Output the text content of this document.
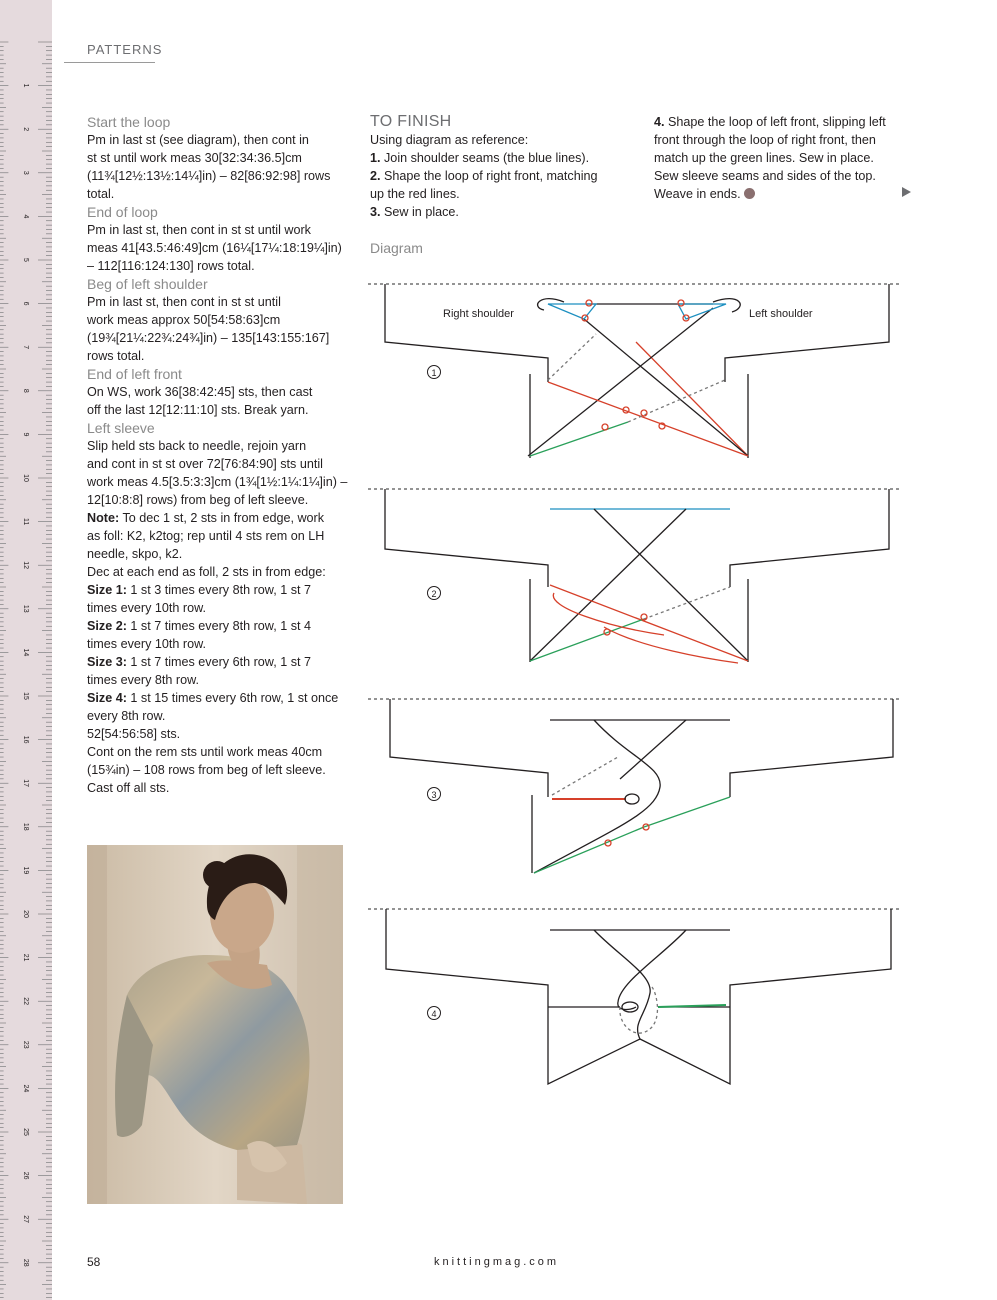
1
2
3
4
5
6
7
8
9
10
11
12
13
14
15
16
17
18
19
20
21
22
23
24
25
26
27
28
PATTERNS

Start the loop

Pm in last st (see diagram), then cont in

st st until work meas 30[32:34:36.5]cm

(11¾[12½:13½:14¼]in) – 82[86:92:98] rows total.

End of loop

Pm in last st, then cont in st st until work

meas 41[43.5:46:49]cm (16¼[17¼:18:19¼]in)

– 112[116:124:130] rows total.

Beg of left shoulder

Pm in last st, then cont in st st until

work meas approx 50[54:58:63]cm

(19¾[21¼:22¾:24¾]in) – 135[143:155:167]

rows total.

End of left front

On WS, work 36[38:42:45] sts, then cast

off the last 12[12:11:10] sts. Break yarn.

Left sleeve

Slip held sts back to needle, rejoin yarn

and cont in st st over 72[76:84:90] sts until

work meas 4.5[3.5:3:3]cm (1¾[1½:1¼:1¼]in) –

12[10:8:8] rows) from beg of left sleeve.

Note: To dec 1 st, 2 sts in from edge, work

as foll: K2, k2tog; rep until 4 sts rem on LH

needle, skpo, k2.

Dec at each end as foll, 2 sts in from edge:

Size 1: 1 st 3 times every 8th row, 1 st 7

times every 10th row.

Size 2: 1 st 7 times every 8th row, 1 st 4

times every 10th row.

Size 3: 1 st 7 times every 6th row, 1 st 7

times every 8th row.

Size 4: 1 st 15 times every 6th row, 1 st once

every 8th row.

52[54:56:58] sts.

Cont on the rem sts until work meas 40cm

(15¾in) – 108 rows from beg of left sleeve.

Cast off all sts.

TO FINISH

Using diagram as reference:

1. Join shoulder seams (the blue lines).

2. Shape the loop of right front, matching

up the red lines.

3. Sew in place.

Diagram

4. Shape the loop of left front, slipping left

front through the loop of right front, then

match up the green lines. Sew in place.

Sew sleeve seams and sides of the top.

Weave in ends.

1
Right shoulder	Left shoulder
2
3
4
58	knittingmag.com
